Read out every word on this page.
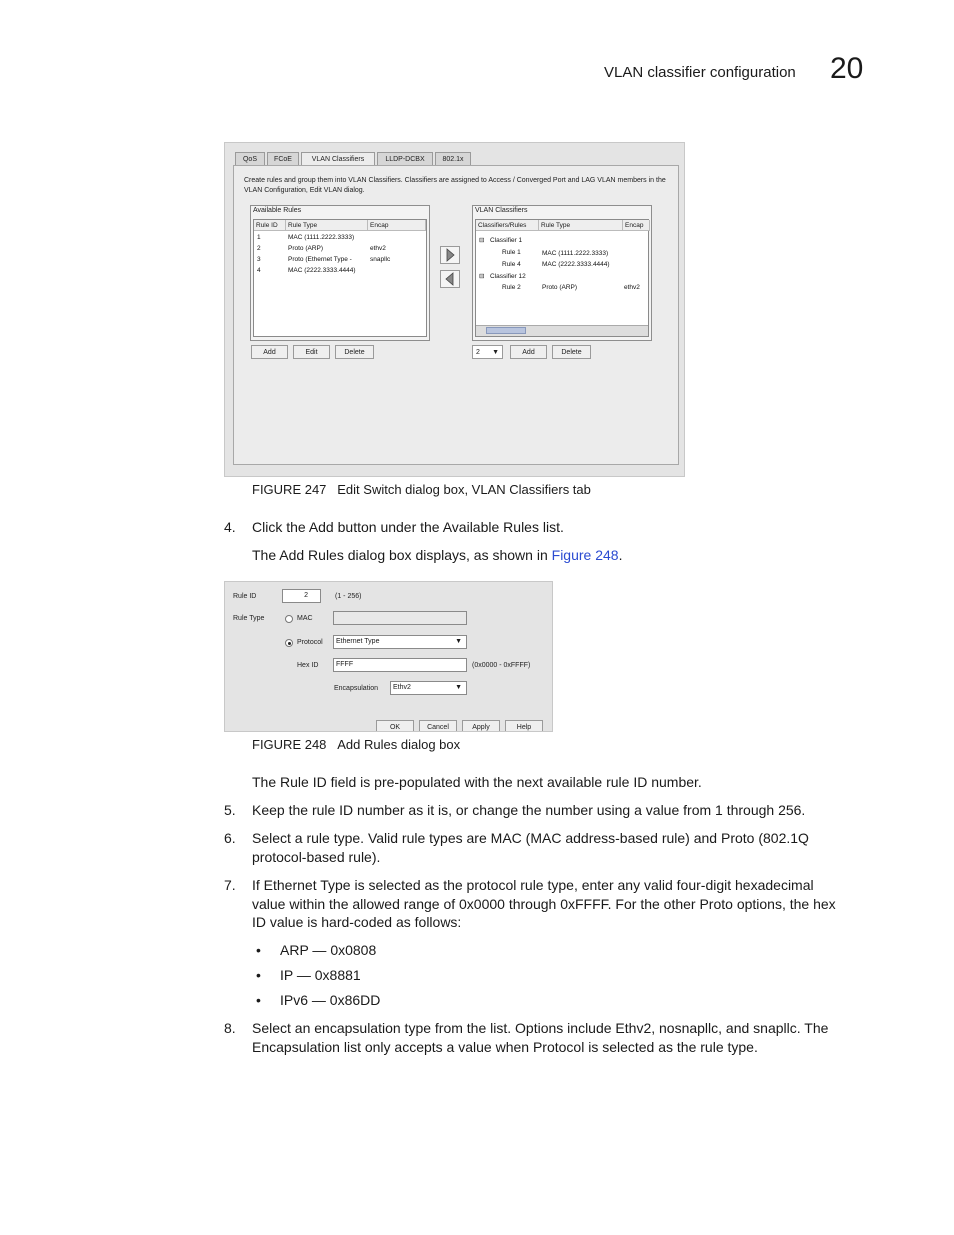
VLAN classifier configuration 20
QoS	FCoE	VLAN Classifiers	LLDP-DCBX	802.1x
Create rules and group them into VLAN Classifiers. Classifiers are assigned to Access / Converged Port and LAG VLAN members in the VLAN Configuration, Edit VLAN dialog.
Available Rules
Rule ID	Rule Type	Encap
1	MAC (1111.2222.3333)
2	Proto (ARP)	ethv2
3	Proto (Ethernet Type -	snapllc
4	MAC (2222.3333.4444)
VLAN Classifiers
Classifiers/Rules	Rule Type	Encap
⊟ Classifier 1
Rule 1	MAC (1111.2222.3333)
Rule 4	MAC (2222.3333.4444)
⊟ Classifier 12
Rule 2	Proto (ARP)	ethv2
Add	Edit	Delete	2 ▼	Add	Delete
FIGURE 247 Edit Switch dialog box, VLAN Classifiers tab
4. Click the Add button under the Available Rules list.
The Add Rules dialog box displays, as shown in Figure 248.
Rule ID	2	(1 - 256)
Rule Type	MAC
Protocol	Ethernet Type	▼
Hex ID	FFFF	(0x0000 - 0xFFFF)
Encapsulation	Ethv2	▼
OK	Cancel	Apply	Help
FIGURE 248 Add Rules dialog box
The Rule ID field is pre-populated with the next available rule ID number.
5. Keep the rule ID number as it is, or change the number using a value from 1 through 256.
6. Select a rule type. Valid rule types are MAC (MAC address-based rule) and Proto (802.1Q
protocol-based rule).
7. If Ethernet Type is selected as the protocol rule type, enter any valid four-digit hexadecimal
value within the allowed range of 0x0000 through 0xFFFF. For the other Proto options, the hex
ID value is hard-coded as follows:
• ARP — 0x0808
• IP — 0x8881
• IPv6 — 0x86DD
8. Select an encapsulation type from the list. Options include Ethv2, nosnapllc, and snapllc. The
Encapsulation list only accepts a value when Protocol is selected as the rule type.
